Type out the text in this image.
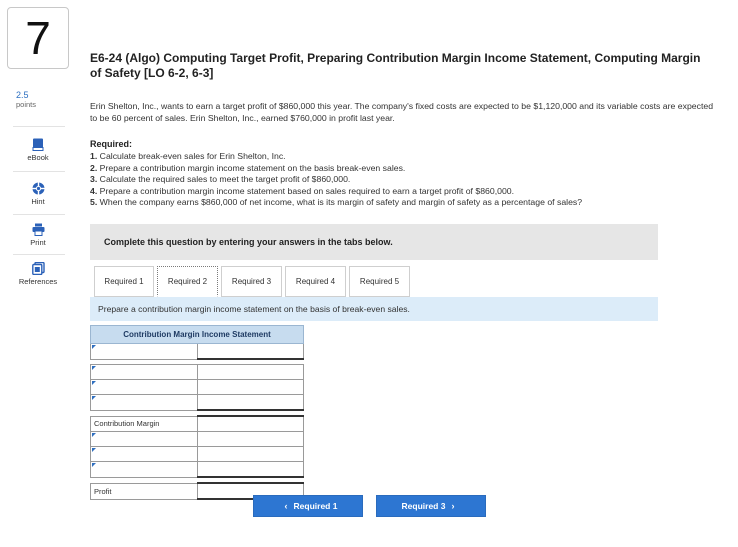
7
2.5
points
eBook
Hint
Print
References
E6-24 (Algo) Computing Target Profit, Preparing Contribution Margin Income Statement, Computing Margin of Safety [LO 6-2, 6-3]
Erin Shelton, Inc., wants to earn a target profit of $860,000 this year. The company's fixed costs are expected to be $1,120,000 and its variable costs are expected to be 60 percent of sales. Erin Shelton, Inc., earned $760,000 in profit last year.
Required:
1. Calculate break-even sales for Erin Shelton, Inc.
2. Prepare a contribution margin income statement on the basis break-even sales.
3. Calculate the required sales to meet the target profit of $860,000.
4. Prepare a contribution margin income statement based on sales required to earn a target profit of $860,000.
5. When the company earns $860,000 of net income, what is its margin of safety and margin of safety as a percentage of sales?
Complete this question by entering your answers in the tabs below.
Required 1	Required 2	Required 3	Required 4	Required 5
Prepare a contribution margin income statement on the basis of break-even sales.
Contribution Margin Income Statement	

Contribution Margin	

Profit	
‹ Required 1	Required 3 ›
